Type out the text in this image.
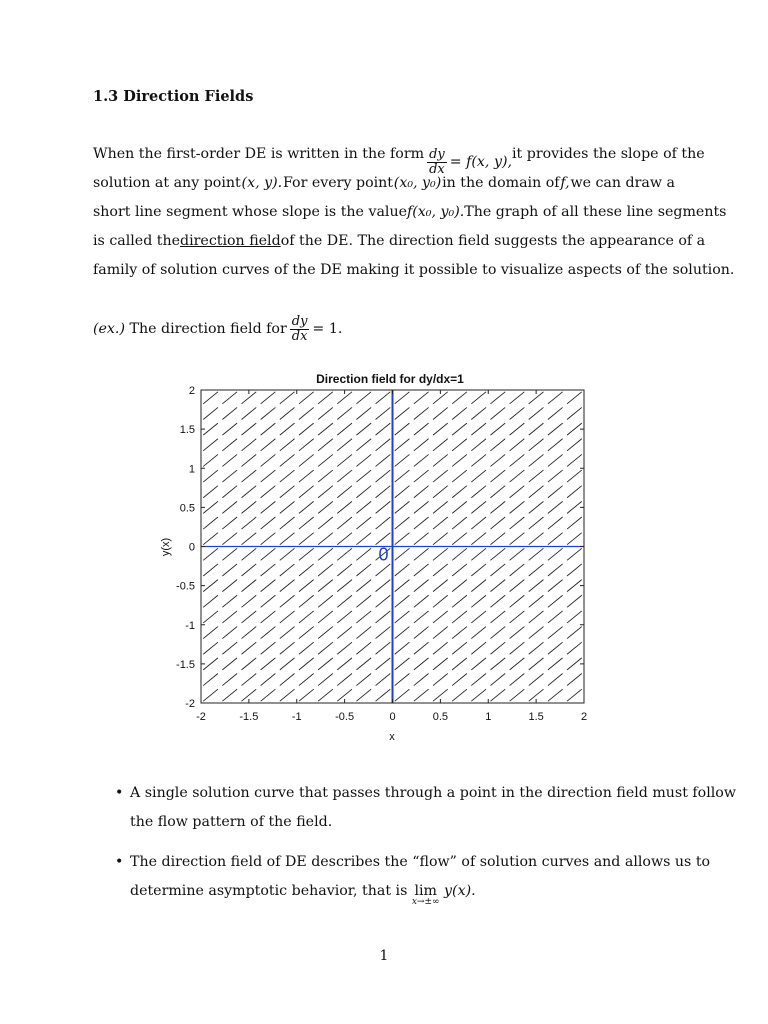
1.3 Direction Fields
When the first-order DE is written in the form $\frac{dy}{dx} = f(x$, y), it provides the slope of the
solution at any point (x, y). For every point (x₀, y₀) in the domain of f, we can draw a
short line segment whose slope is the value f(x₀, y₀). The graph of all these line segments
is called the direction field of the DE. The direction field suggests the appearance of a
family of solution curves of the DE making it possible to visualize aspects of the solution.
(ex.)
The direction field for $\frac{dy}{dx} = 1$.
Direction field for dy/dx=1
-2	-1.5	-1	-0.5	0	0.5	1	1.5	2
2
1.5
1
0.5
0
-0.5
-1
-1.5
-2
0
x
y(x)
• A single solution curve that passes through a point in the direction field must follow
the flow pattern of the field.
• The direction field of DE describes the “flow” of solution curves and allows us to
determine asymptotic behavior, that is lim
x→±∞
y(x).
1
